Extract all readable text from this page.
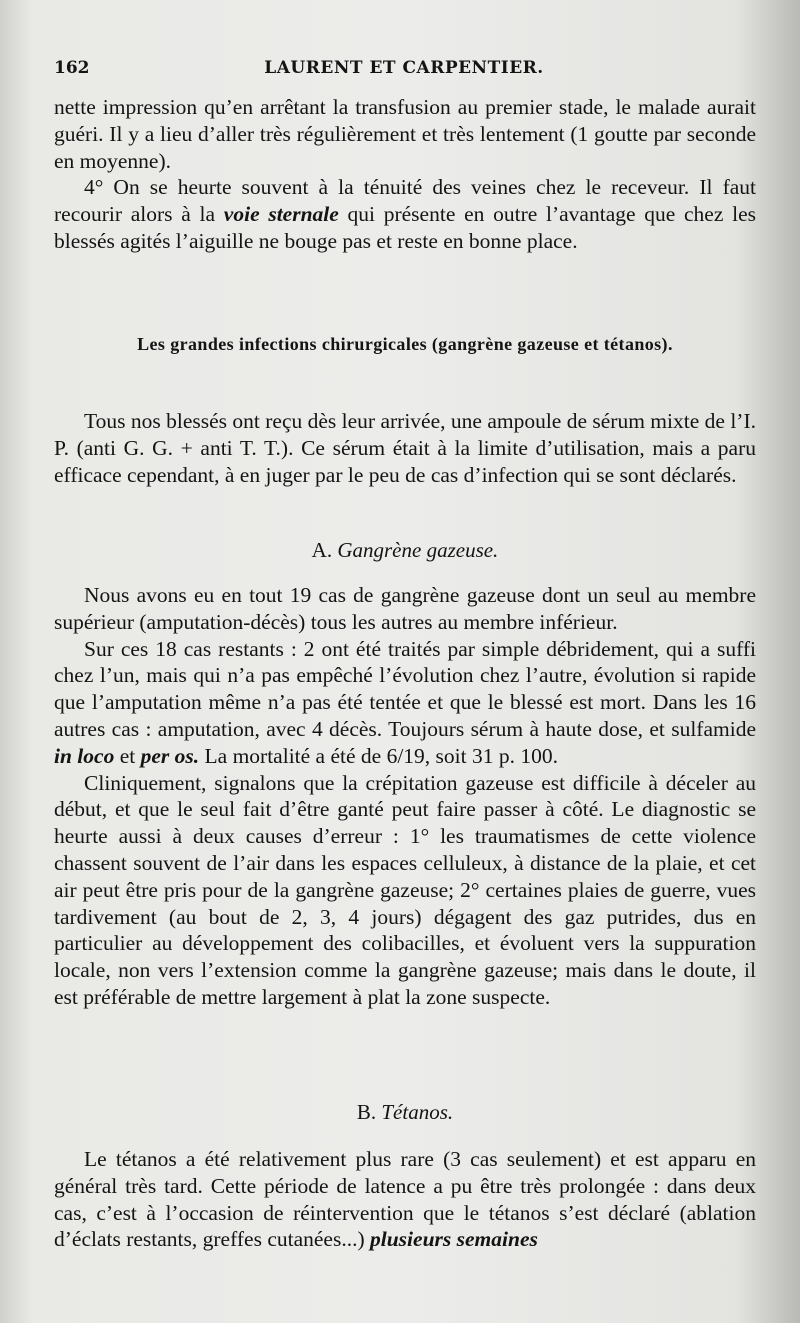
162	LAURENT ET CARPENTIER.

nette impression qu’en arrêtant la transfusion au premier stade, le malade aurait guéri. Il y a lieu d’aller très régulièrement et très lentement (1 goutte par seconde en moyenne).

4° On se heurte souvent à la ténuité des veines chez le receveur. Il faut recourir alors à la voie sternale qui présente en outre l’avantage que chez les blessés agités l’aiguille ne bouge pas et reste en bonne place.

Les grandes infections chirurgicales (gangrène gazeuse et tétanos).

Tous nos blessés ont reçu dès leur arrivée, une ampoule de sérum mixte de l’I. P. (anti G. G. + anti T. T.). Ce sérum était à la limite d’utilisation, mais a paru efficace cependant, à en juger par le peu de cas d’infection qui se sont déclarés.

A. Gangrène gazeuse.

Nous avons eu en tout 19 cas de gangrène gazeuse dont un seul au membre supérieur (amputation-décès) tous les autres au membre inférieur.

Sur ces 18 cas restants : 2 ont été traités par simple débridement, qui a suffi chez l’un, mais qui n’a pas empêché l’évolution chez l’autre, évolution si rapide que l’amputation même n’a pas été tentée et que le blessé est mort. Dans les 16 autres cas : amputation, avec 4 décès. Toujours sérum à haute dose, et sulfamide in loco et per os. La mortalité a été de 6/19, soit 31 p. 100.

Cliniquement, signalons que la crépitation gazeuse est difficile à déceler au début, et que le seul fait d’être ganté peut faire passer à côté. Le diagnostic se heurte aussi à deux causes d’erreur : 1° les traumatismes de cette violence chassent souvent de l’air dans les espaces celluleux, à distance de la plaie, et cet air peut être pris pour de la gangrène gazeuse; 2° certaines plaies de guerre, vues tardivement (au bout de 2, 3, 4 jours) dégagent des gaz putrides, dus en particulier au développement des colibacilles, et évoluent vers la suppuration locale, non vers l’extension comme la gangrène gazeuse; mais dans le doute, il est préférable de mettre largement à plat la zone suspecte.

B. Tétanos.

Le tétanos a été relativement plus rare (3 cas seulement) et est apparu en général très tard. Cette période de latence a pu être très prolongée : dans deux cas, c’est à l’occasion de réintervention que le tétanos s’est déclaré (ablation d’éclats restants, greffes cutanées...) plusieurs semaines
